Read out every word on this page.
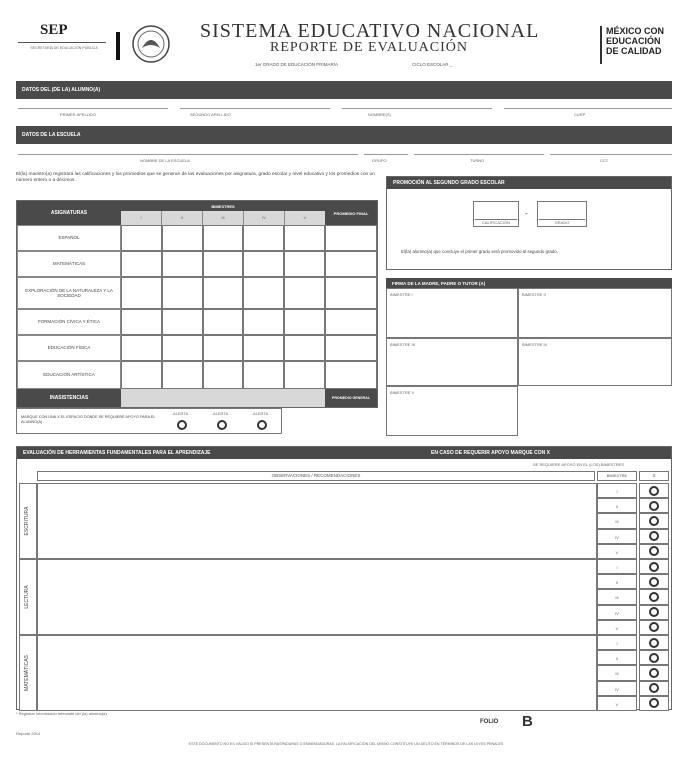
SEP
SECRETARÍA DE EDUCACIÓN PÚBLICA
SISTEMA EDUCATIVO NACIONAL
REPORTE DE EVALUACIÓN
1er GRADO DE EDUCACIÓN PRIMARIA	CICLO ESCOLAR _
MÉXICO CON
EDUCACIÓN
DE CALIDAD
DATOS DEL (DE LA) ALUMNO(A)
PRIMER APELLIDO	SEGUNDO APELLIDO	NOMBRE(S)	CURP
DATOS DE LA ESCUELA
NOMBRE DE LA ESCUELA	GRUPO	TURNO	CCT
El(la) maestro(a) registrará las calificaciones y los promedios que se generan de las evaluaciones por asignatura, grado escolar y nivel educativo y los promedios con un número entero o a décimos.
ASIGNATURAS
BIMESTRES
PROMEDIO FINAL
I	II	III	IV	V
ESPAÑOL
MATEMÁTICAS
EXPLORACIÓN DE LA NATURALEZA Y LA SOCIEDAD
FORMACIÓN CÍVICA Y ÉTICA
EDUCACIÓN FÍSICA
EDUCACIÓN ARTÍSTICA
INASISTENCIAS	PROMEDIO GENERAL
MARQUE CON UNA X EL ESPACIO DONDE SE REQUIERE APOYO PARA EL ALUMNO(A)
ALERTA	ALERTA	ALERTA
PROMOCIÓN AL SEGUNDO GRADO ESCOLAR
CALIFICACIÓN
-
GRADO
El(la) alumno(a) que concluye el primer grado será promovido al segundo grado.
FIRMA DE LA MADRE, PADRE O TUTOR (A)
BIMESTRE I	BIMESTRE II
BIMESTRE III	BIMESTRE IV
BIMESTRE V
EVALUACIÓN DE HERRAMIENTAS FUNDAMENTALES PARA EL APRENDIZAJE	EN CASO DE REQUERIR APOYO MARQUE CON X
SE REQUIERE APOYO EN EL (LOS) BIMESTRES
OBSERVACIONES / RECOMENDACIONES	BIMESTRE	X
ESCRITURA
I
II
III
IV
V
LECTURA
I
II
III
IV
V
MATEMÁTICAS
I
II
III
IV
V
* Registrar información relevante del (la) alumno(a)
FOLIO B
Reporte 2014
ESTE DOCUMENTO NO ES VÁLIDO SI PRESENTA RASPADURAS O ENMENDADURAS. LA FALSIFICACIÓN DEL MISMO CONSTITUYE UN DELITO EN TÉRMINOS DE LAS LEYES PENALES
